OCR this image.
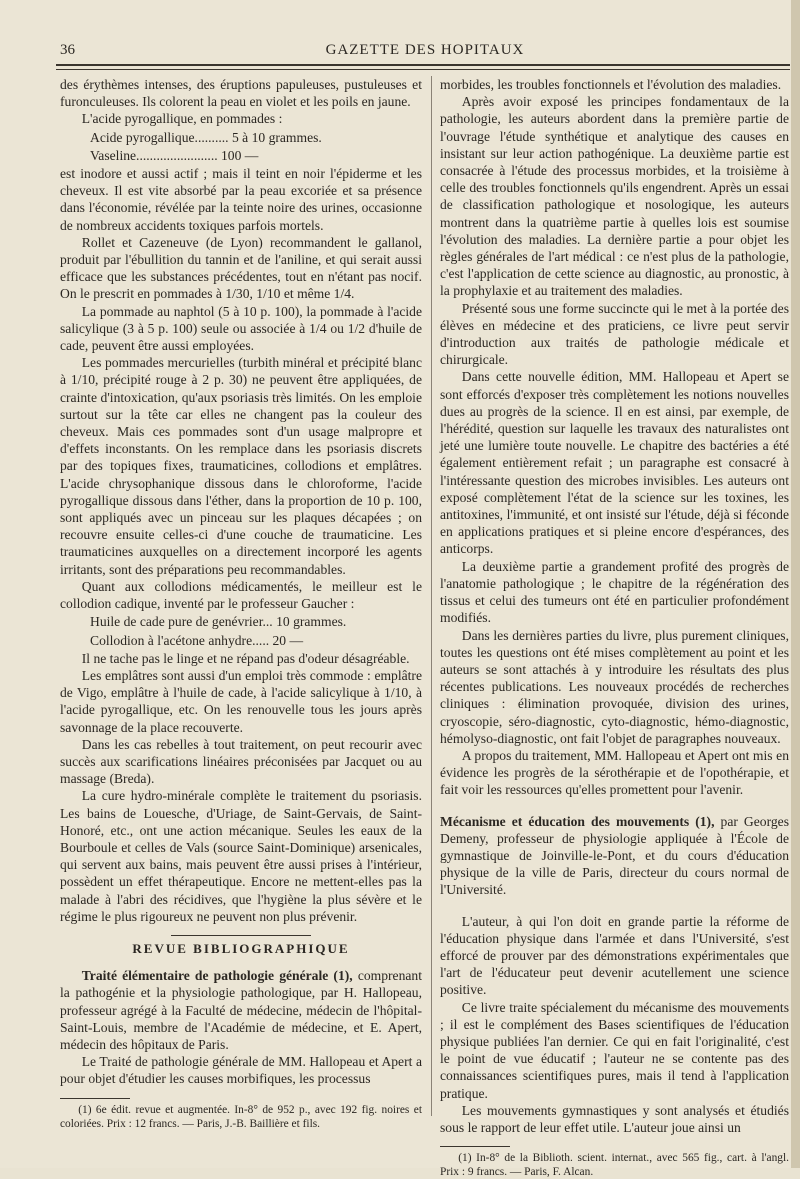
36	GAZETTE DES HOPITAUX

des érythèmes intenses, des éruptions papuleuses, pustuleuses et furonculeuses. Ils colorent la peau en violet et les poils en jaune.

L'acide pyrogallique, en pommades :

Acide pyrogallique.......... 5 à 10 grammes.

Vaseline........................ 100 —

est inodore et aussi actif ; mais il teint en noir l'épiderme et les cheveux. Il est vite absorbé par la peau excoriée et sa présence dans l'économie, révélée par la teinte noire des urines, occasionne de nombreux accidents toxiques parfois mortels.

Rollet et Cazeneuve (de Lyon) recommandent le gallanol, produit par l'ébullition du tannin et de l'aniline, et qui serait aussi efficace que les substances précédentes, tout en n'étant pas nocif. On le prescrit en pommades à 1/30, 1/10 et même 1/4.

La pommade au naphtol (5 à 10 p. 100), la pommade à l'acide salicylique (3 à 5 p. 100) seule ou associée à 1/4 ou 1/2 d'huile de cade, peuvent être aussi employées.

Les pommades mercurielles (turbith minéral et précipité blanc à 1/10, précipité rouge à 2 p. 30) ne peuvent être appliquées, de crainte d'intoxication, qu'aux psoriasis très limités. On les emploie surtout sur la tête car elles ne changent pas la couleur des cheveux. Mais ces pommades sont d'un usage malpropre et d'effets inconstants. On les remplace dans les psoriasis discrets par des topiques fixes, traumaticines, collodions et emplâtres. L'acide chrysophanique dissous dans le chloroforme, l'acide pyrogallique dissous dans l'éther, dans la proportion de 10 p. 100, sont appliqués avec un pinceau sur les plaques décapées ; on recouvre ensuite celles-ci d'une couche de traumaticine. Les traumaticines auxquelles on a directement incorporé les agents irritants, sont des préparations peu recommandables.

Quant aux collodions médicamentés, le meilleur est le collodion cadique, inventé par le professeur Gaucher :

Huile de cade pure de genévrier... 10 grammes.

Collodion à l'acétone anhydre..... 20 —

Il ne tache pas le linge et ne répand pas d'odeur désagréable.

Les emplâtres sont aussi d'un emploi très commode : emplâtre de Vigo, emplâtre à l'huile de cade, à l'acide salicylique à 1/10, à l'acide pyrogallique, etc. On les renouvelle tous les jours après savonnage de la place recouverte.

Dans les cas rebelles à tout traitement, on peut recourir avec succès aux scarifications linéaires préconisées par Jacquet ou au massage (Breda).

La cure hydro-minérale complète le traitement du psoriasis. Les bains de Louesche, d'Uriage, de Saint-Gervais, de Saint-Honoré, etc., ont une action mécanique. Seules les eaux de la Bourboule et celles de Vals (source Saint-Dominique) arsenicales, qui servent aux bains, mais peuvent être aussi prises à l'intérieur, possèdent un effet thérapeutique. Encore ne mettent-elles pas la malade à l'abri des récidives, que l'hygiène la plus sévère et le régime le plus rigoureux ne peuvent non plus prévenir.

REVUE BIBLIOGRAPHIQUE

Traité élémentaire de pathologie générale (1), comprenant la pathogénie et la physiologie pathologique, par H. Hallopeau, professeur agrégé à la Faculté de médecine, médecin de l'hôpital-Saint-Louis, membre de l'Académie de médecine, et E. Apert, médecin des hôpitaux de Paris.

Le Traité de pathologie générale de MM. Hallopeau et Apert a pour objet d'étudier les causes morbifiques, les processus

(1) 6e édit. revue et augmentée. In-8° de 952 p., avec 192 fig. noires et coloriées. Prix : 12 francs. — Paris, J.-B. Baillière et fils.

morbides, les troubles fonctionnels et l'évolution des maladies.

Après avoir exposé les principes fondamentaux de la pathologie, les auteurs abordent dans la première partie de l'ouvrage l'étude synthétique et analytique des causes en insistant sur leur action pathogénique. La deuxième partie est consacrée à l'étude des processus morbides, et la troisième à celle des troubles fonctionnels qu'ils engendrent. Après un essai de classification pathologique et nosologique, les auteurs montrent dans la quatrième partie à quelles lois est soumise l'évolution des maladies. La dernière partie a pour objet les règles générales de l'art médical : ce n'est plus de la pathologie, c'est l'application de cette science au diagnostic, au pronostic, à la prophylaxie et au traitement des maladies.

Présenté sous une forme succincte qui le met à la portée des élèves en médecine et des praticiens, ce livre peut servir d'introduction aux traités de pathologie médicale et chirurgicale.

Dans cette nouvelle édition, MM. Hallopeau et Apert se sont efforcés d'exposer très complètement les notions nouvelles dues au progrès de la science. Il en est ainsi, par exemple, de l'hérédité, question sur laquelle les travaux des naturalistes ont jeté une lumière toute nouvelle. Le chapitre des bactéries a été également entièrement refait ; un paragraphe est consacré à l'intéressante question des microbes invisibles. Les auteurs ont exposé complètement l'état de la science sur les toxines, les antitoxines, l'immunité, et ont insisté sur l'étude, déjà si féconde en applications pratiques et si pleine encore d'espérances, des anticorps.

La deuxième partie a grandement profité des progrès de l'anatomie pathologique ; le chapitre de la régénération des tissus et celui des tumeurs ont été en particulier profondément modifiés.

Dans les dernières parties du livre, plus purement cliniques, toutes les questions ont été mises complètement au point et les auteurs se sont attachés à y introduire les résultats des plus récentes publications. Les nouveaux procédés de recherches cliniques : élimination provoquée, division des urines, cryoscopie, séro-diagnostic, cyto-diagnostic, hémo-diagnostic, hémolyso-diagnostic, ont fait l'objet de paragraphes nouveaux.

A propos du traitement, MM. Hallopeau et Apert ont mis en évidence les progrès de la sérothérapie et de l'opothérapie, et fait voir les ressources qu'elles promettent pour l'avenir.

Mécanisme et éducation des mouvements (1), par Georges Demeny, professeur de physiologie appliquée à l'École de gymnastique de Joinville-le-Pont, et du cours d'éducation physique de la ville de Paris, directeur du cours normal de l'Université.

L'auteur, à qui l'on doit en grande partie la réforme de l'éducation physique dans l'armée et dans l'Université, s'est efforcé de prouver par des démonstrations expérimentales que l'art de l'éducateur peut devenir acutellement une science positive.

Ce livre traite spécialement du mécanisme des mouvements ; il est le complément des Bases scientifiques de l'éducation physique publiées l'an dernier. Ce qui en fait l'originalité, c'est le point de vue éducatif ; l'auteur ne se contente pas des connaissances scientifiques pures, mais il tend à l'application pratique.

Les mouvements gymnastiques y sont analysés et étudiés sous le rapport de leur effet utile. L'auteur joue ainsi un

(1) In-8° de la Biblioth. scient. internat., avec 565 fig., cart. à l'angl. Prix : 9 francs. — Paris, F. Alcan.
